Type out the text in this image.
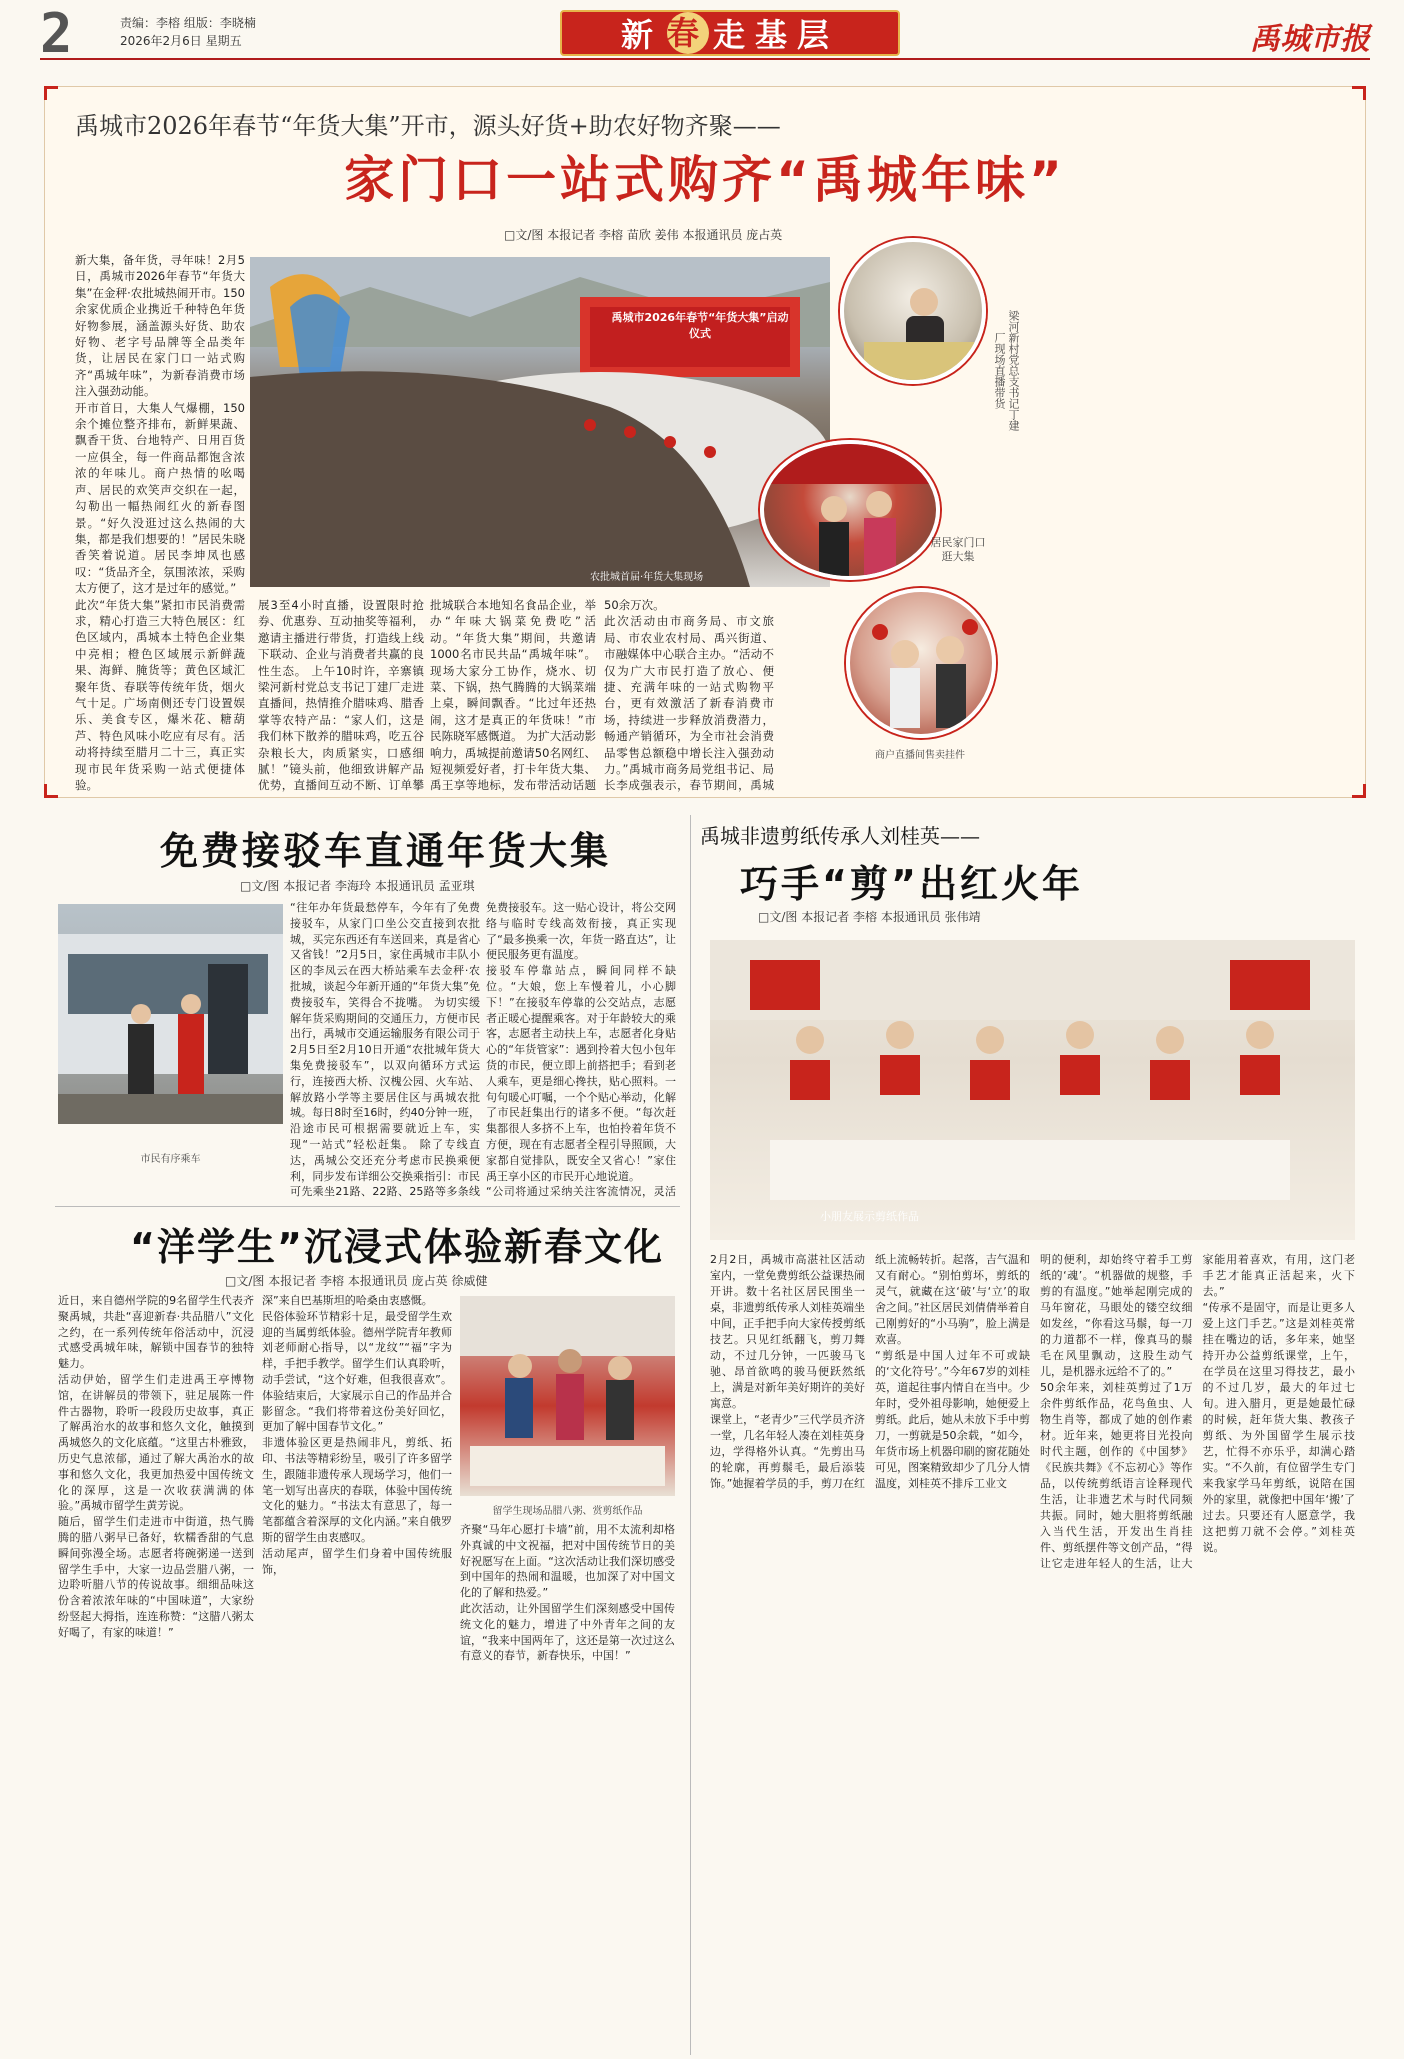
2	责编：李榕 组版：李晓楠
2026年2月6日 星期五	新 春 走基层	禹城市报
禹城市2026年春节“年货大集”开市，源头好货+助农好物齐聚——
家门口一站式购齐“禹城年味”
□文/图 本报记者 李榕 苗欣 姜伟 本报通讯员 庞占英
新大集，备年货，寻年味！2月5日，禹城市2026年春节“年货大集”在金秤·农批城热闹开市。150余家优质企业携近千种特色年货好物参展，涵盖源头好货、助农好物、老字号品牌等全品类年货，让居民在家门口一站式购齐“禹城年味”，为新春消费市场注入强劲动能。
开市首日，大集人气爆棚，150余个摊位整齐排布，新鲜果蔬、飘香干货、台地特产、日用百货一应俱全，每一件商品都饱含浓浓的年味儿。商户热情的吆喝声、居民的欢笑声交织在一起，勾勒出一幅热闹红火的新春图景。“好久没逛过这么热闹的大集，都是我们想要的！”居民朱晓香笑着说道。居民李坤凤也感叹：“货品齐全，氛围浓浓，采购太方便了，这才是过年的感觉。”
此次“年货大集”紧扣市民消费需求，精心打造三大特色展区：红色区域内，禹城本土特色企业集中亮相；橙色区域展示新鲜蔬果、海鲜、腌货等；黄色区域汇聚年货、春联等传统年货，烟火气十足。广场南侧还专门设置娱乐、美食专区，爆米花、糖葫芦、特色风味小吃应有尽有。活动将持续至腊月二十三，真正实现市民年货采购一站式便捷体验。

禹城市2026年春节“年货大集”启动仪式
农批城首届·年货大集现场
梁河新村党总支书记丁建厂现场直播带货
居民家门口逛大集
商户直播间售卖挂件
展3至4小时直播，设置限时抢券、优惠券、互动抽奖等福利，邀请主播进行带货，打造线上线下联动、企业与消费者共赢的良性生态。 上午10时许，辛寨镇梁河新村党总支书记丁建厂走进直播间，热情推介腊味鸡、腊香掌等农特产品：“家人们，这是我们林下散养的腊味鸡，吃五谷杂粮长大，肉质紧实，口感细腻！”镜头前，他细致讲解产品优势，直播间互动不断、订单攀
批城联合本地知名食品企业，举办“年味大锅菜免费吃”活动。“年货大集”期间，共邀请1000名市民共品“禹城年味”。现场大家分工协作，烧水、切菜、下锅，热气腾腾的大锅菜端上桌，瞬间飘香。“比过年还热闹，这才是真正的年货味！”市民陈晓军感慨道。 为扩大活动影响力，禹城提前邀请50名网红、短视频爱好者，打卡年货大集、禹王享等地标，发布带活动话题
50余万次。
此次活动由市商务局、市文旅局、市农业农村局、禹兴街道、市融媒体中心联合主办。“活动不仅为广大市民打造了放心、便捷、充满年味的一站式购物平台，更有效激活了新春消费市场，持续进一步释放消费潜力，畅通产销循环，为全市社会消费品零售总额稳中增长注入强劲动力。”禹城市商务局党组书记、局长李成强表示，春节期间，禹城
免费接驳车直通年货大集
□文/图 本报记者 李海玲 本报通讯员 孟亚琪
市民有序乘车
“往年办年货最愁停车，今年有了免费接驳车，从家门口坐公交直接到农批城，买完东西还有车送回来，真是省心又省钱！”2月5日，家住禹城市丰队小区的李凤云在西大桥站乘车去金秤·农批城，谈起今年新开通的“年货大集”免费接驳车，笑得合不拢嘴。 为切实缓解年货采购期间的交通压力，方便市民出行，禹城市交通运输服务有限公司于2月5日至2月10日开通“农批城年货大集免费接驳车”，以双向循环方式运行，连接西大桥、汉槐公园、火车站、解放路小学等主要居住区与禹城农批城。每日8时至16时，约40分钟一班，沿途市民可根据需要就近上车，实现“一站式”轻松赶集。 除了专线直达，禹城公交还充分考虑市民换乘便利，同步发布详细公交换乘指引：市民可先乘坐21路、22路、25路等多条线
免费接驳车。这一贴心设计，将公交网络与临时专线高效衔接，真正实现了“最多换乘一次，年货一路直达”，让便民服务更有温度。
接驳车停靠站点，瞬间同样不缺位。“大娘，您上车慢着儿，小心脚下！”在接驳车停靠的公交站点，志愿者正暖心提醒乘客。对于年龄较大的乘客，志愿者主动扶上车，志愿者化身贴心的“年货管家”：遇到拎着大包小包年货的市民，便立即上前搭把手；看到老人乘车，更是细心搀扶，贴心照料。一句句暖心叮嘱，一个个贴心举动，化解了市民赶集出行的诸多不便。“每次赶集都很人多挤不上车，也怕拎着年货不方便，现在有志愿者全程引导照顾，大家都自觉排队，既安全又省心！”家住禹王享小区的市民开心地说道。
“公司将通过采纳关注客流情况，灵活
“洋学生”沉浸式体验新春文化
□文/图 本报记者 李榕 本报通讯员 庞占英 徐威健
近日，来自德州学院的9名留学生代表齐聚禹城，共赴“喜迎新春·共品腊八”文化之约，在一系列传统年俗活动中，沉浸式感受禹城年味，解锁中国春节的独特魅力。
活动伊始，留学生们走进禹王亭博物馆，在讲解员的带领下，驻足展陈一件件古器物，聆听一段段历史故事，真正了解禹治水的故事和悠久文化，触摸到禹城悠久的文化底蕴。“这里古朴雅致，历史气息浓郁，通过了解大禹治水的故事和悠久文化，我更加热爱中国传统文化的深厚，这是一次收获满满的体验。”禹城市留学生黄芳说。
随后，留学生们走进市中街道，热气腾腾的腊八粥早已备好，软糯香甜的气息瞬间弥漫全场。志愿者将碗粥递一送到留学生手中，大家一边品尝腊八粥，一边聆听腊八节的传说故事。细细品味这份含着浓浓年味的“中国味道”，大家纷纷竖起大拇指，连连称赞：“这腊八粥太好喝了，有家的味道！”
深”来自巴基斯坦的哈桑由衷感慨。
民俗体验环节精彩十足，最受留学生欢迎的当属剪纸体验。德州学院青年教师刘老师耐心指导，以“龙纹”“福”字为样，手把手教学。留学生们认真聆听，动手尝试，“这个好难，但我很喜欢”。体验结束后，大家展示自己的作品并合影留念。“我们将带着这份美好回忆，更加了解中国春节文化。”
非遗体验区更是热闹非凡，剪纸、拓印、书法等精彩纷呈，吸引了许多留学生，跟随非遗传承人现场学习，他们一笔一划写出喜庆的春联，体验中国传统文化的魅力。“书法太有意思了，每一笔都蕴含着深厚的文化内涵。”来自俄罗斯的留学生由衷感叹。
活动尾声，留学生们身着中国传统服饰，
留学生现场品腊八粥、赏剪纸作品
齐聚“马年心愿打卡墙”前，用不太流利却格外真诚的中文祝福，把对中国传统节日的美好祝愿写在上面。“这次活动让我们深切感受到中国年的热闹和温暖，也加深了对中国文化的了解和热爱。”
此次活动，让外国留学生们深刻感受中国传统文化的魅力，增进了中外青年之间的友谊，“我来中国两年了，这还是第一次过这么有意义的春节，新春快乐，中国！”
禹城非遗剪纸传承人刘桂英——
巧手“剪”出红火年
□文/图 本报记者 李榕 本报通讯员 张伟靖
小朋友展示剪纸作品
2月2日，禹城市高湛社区活动室内，一堂免费剪纸公益课热闹开讲。数十名社区居民围坐一桌，非遗剪纸传承人刘桂英端坐中间，正手把手向大家传授剪纸技艺。只见红纸翻飞，剪刀舞动，不过几分钟，一匹骏马飞驰、昂首欲鸣的骏马便跃然纸上，满是对新年美好期许的美好寓意。
课堂上，“老青少”三代学员齐济一堂，几名年轻人凑在刘桂英身边，学得格外认真。“先剪出马的轮廓，再剪鬃毛，最后添装饰。”她握着学员的手，剪刀在红纸上流畅转折。起落，吉气温和又有耐心。“别怕剪坏，剪纸的灵气，就藏在这‘破’与‘立’的取舍之间。”社区居民刘倩倩举着自己刚剪好的“小马驹”，脸上满是欢喜。
“剪纸是中国人过年不可或缺的‘文化符号’。”今年67岁的刘桂英，道起往事内情自在当中。少年时，受外祖母影响，她便爱上剪纸。此后，她从未放下手中剪刀，一剪就是50余载，“如今，年货市场上机器印刷的窗花随处可见，图案精致却少了几分人情温度，刘桂英不排斥工业文
明的便利，却始终守着手工剪纸的‘魂’。“机器做的规整，手剪的有温度。”她举起刚完成的马年窗花，马眼处的镂空纹细如发丝，“你看这马鬃，每一刀的力道都不一样，像真马的鬃毛在风里飘动，这股生动气儿，是机器永远给不了的。”
50余年来，刘桂英剪过了1万余件剪纸作品，花鸟鱼虫、人物生肖等，都成了她的创作素材。近年来，她更将目光投向时代主题，创作的《中国梦》《民族共舞》《不忘初心》等作品，以传统剪纸语言诠释现代生活，让非遗艺术与时代同频共振。同时，她大胆将剪纸融入当代生活，开发出生肖挂件、剪纸摆件等文创产品，“得让它走进年轻人的生活，让大家能用着喜欢，有用，这门老手艺才能真正活起来，火下去。”
“传承不是固守，而是让更多人爱上这门手艺。”这是刘桂英常挂在嘴边的话，多年来，她坚持开办公益剪纸课堂，上午，在学员在这里习得技艺，最小的不过几岁，最大的年过七旬。进入腊月，更是她最忙碌的时候，赶年货大集、教孩子剪纸、为外国留学生展示技艺，忙得不亦乐乎，却满心踏实。“不久前，有位留学生专门来我家学马年剪纸，说陪在国外的家里，就像把中国年‘搬’了过去。只要还有人愿意学，我这把剪刀就不会停。”刘桂英说。
